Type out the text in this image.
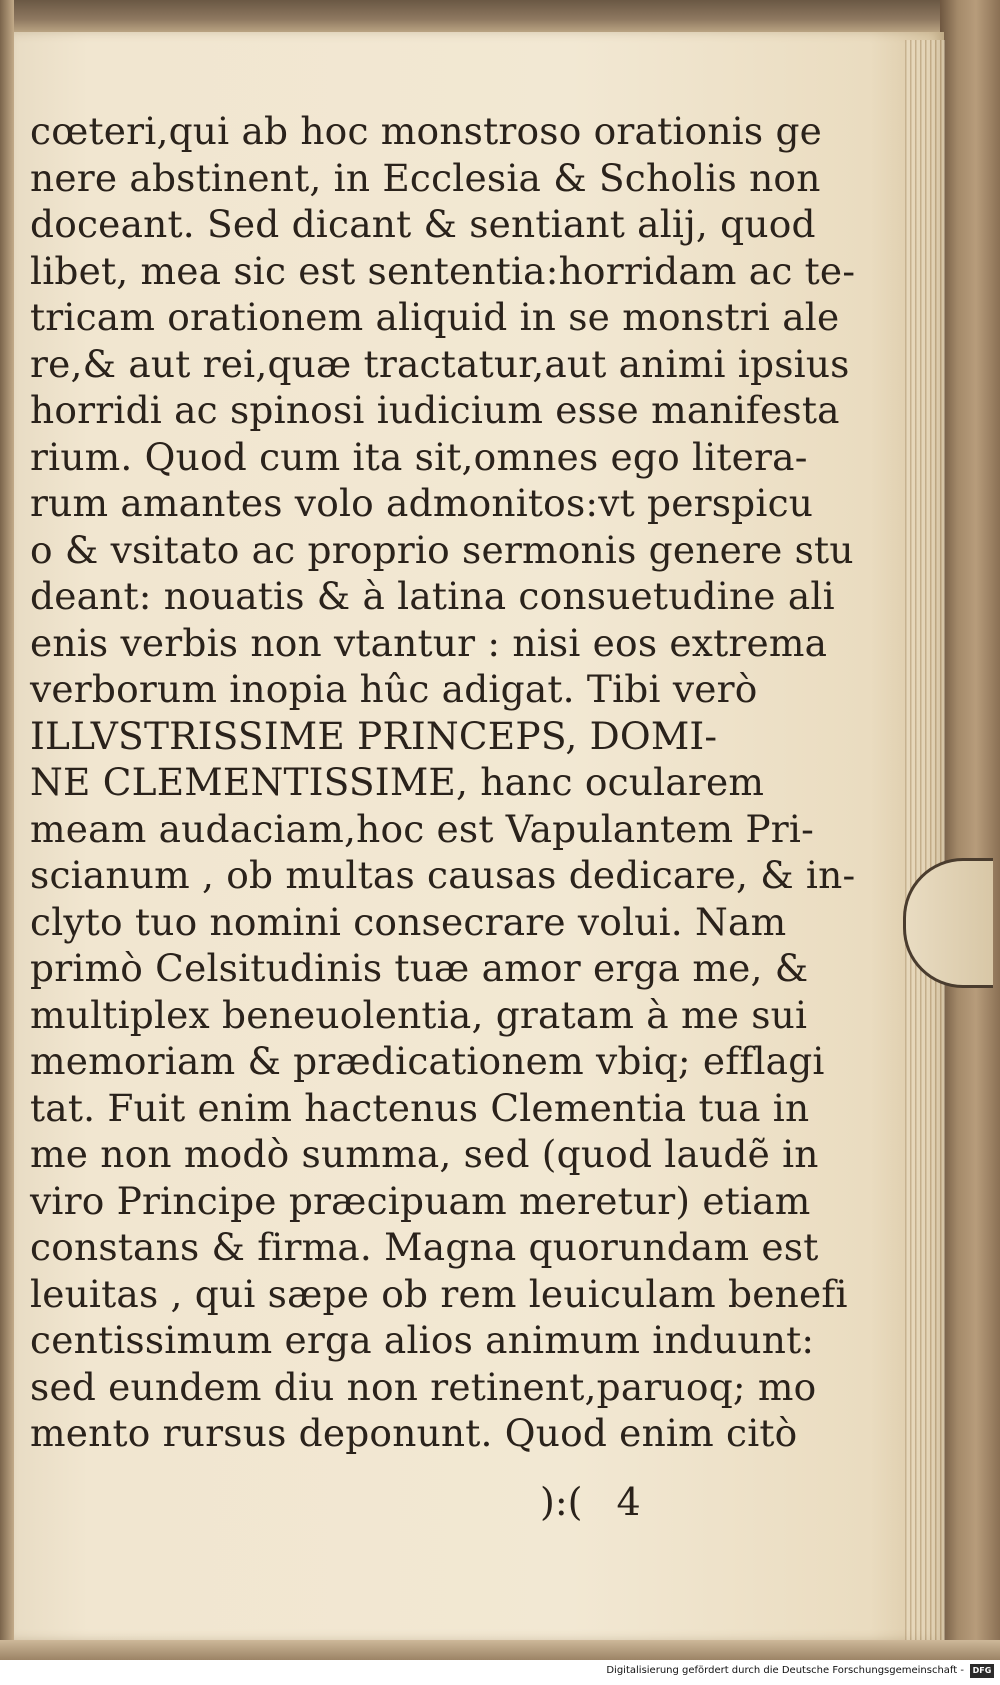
cœteri,qui ab hoc monstroso orationis ge
nere abstinent, in Ecclesia & Scholis non
doceant. Sed dicant & sentiant alij, quod
libet, mea sic est sententia:horridam ac te-
tricam orationem aliquid in se monstri ale
re,& aut rei,quæ tractatur,aut animi ipsius
horridi ac spinosi iudicium esse manifesta
rium. Quod cum ita sit,omnes ego litera-
rum amantes volo admonitos:vt perspicu
o & vsitato ac proprio sermonis genere stu
deant: nouatis & à latina consuetudine ali
enis verbis non vtantur : nisi eos extrema
verborum inopia hûc adigat. Tibi verò
ILLVSTRISSIME PRINCEPS, DOMI-
NE CLEMENTISSIME, hanc ocularem
meam audaciam,hoc est Vapulantem Pri-
scianum , ob multas causas dedicare, & in-
clyto tuo nomini consecrare volui. Nam
primò Celsitudinis tuæ amor erga me, &
multiplex beneuolentia, gratam à me sui
memoriam & prædicationem vbiq; efflagi
tat. Fuit enim hactenus Clementia tua in
me non modò summa, sed (quod laudẽ in
viro Principe præcipuam meretur) etiam
constans & firma. Magna quorundam est
leuitas , qui sæpe ob rem leuiculam benefi
centissimum erga alios animum induunt:
sed eundem diu non retinent,paruoq; mo
mento rursus deponunt. Quod enim citò
):( 4
Digitalisierung gefördert durch die Deutsche Forschungsgemeinschaft -	DFG
